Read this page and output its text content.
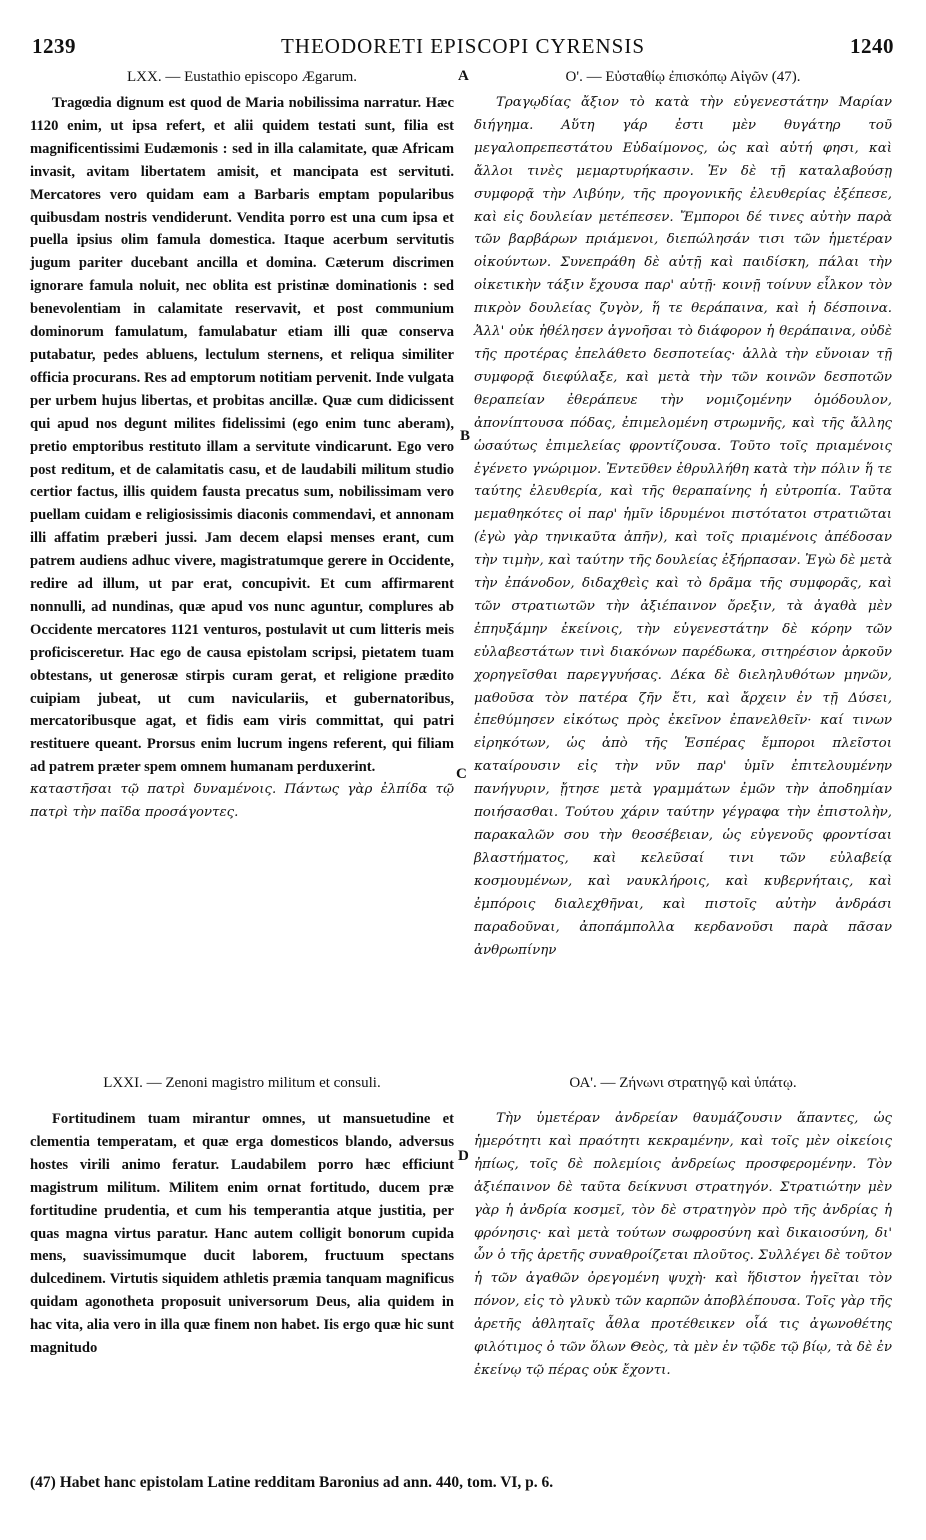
1239	THEODORETI EPISCOPI CYRENSIS	1240

LXX. — Eustathio episcopo Ægarum.

Tragœdia dignum est quod de Maria nobilissima narratur. Hæc 1120 enim, ut ipsa refert, et alii quidem testati sunt, filia est magnificentissimi Eudæmonis : sed in illa calamitate, quæ Africam invasit, avitam libertatem amisit, et mancipata est servituti. Mercatores vero quidam eam a Barbaris emptam popularibus quibusdam nostris vendiderunt. Vendita porro est una cum ipsa et puella ipsius olim famula domestica. Itaque acerbum servitutis jugum pariter ducebant ancilla et domina. Cæterum discrimen ignorare famula noluit, nec oblita est pristinæ dominationis : sed benevolentiam in calamitate reservavit, et post communium dominorum famulatum, famulabatur etiam illi quæ conserva putabatur, pedes abluens, lectulum sternens, et reliqua similiter officia procurans. Res ad emptorum notitiam pervenit. Inde vulgata per urbem hujus libertas, et probitas ancillæ. Quæ cum didicissent qui apud nos degunt milites fidelissimi (ego enim tunc aberam), pretio emptoribus restituto illam a servitute vindicarunt. Ego vero post reditum, et de calamitatis casu, et de laudabili militum studio certior factus, illis quidem fausta precatus sum, nobilissimam vero puellam cuidam e religiosissimis diaconis commendavi, et annonam illi affatim præberi jussi. Jam decem elapsi menses erant, cum patrem audiens adhuc vivere, magistratumque gerere in Occidente, redire ad illum, ut par erat, concupivit. Et cum affirmarent nonnulli, ad nundinas, quæ apud vos nunc aguntur, complures ab Occidente mercatores 1121 venturos, postulavit ut cum litteris meis proficisceretur. Hac ego de causa epistolam scripsi, pietatem tuam obtestans, ut generosæ stirpis curam gerat, et religione prædito cuipiam jubeat, ut cum naviculariis, et gubernatoribus, mercatoribusque agat, et fidis eam viris committat, qui patri restituere queant. Prorsus enim lucrum ingens referent, qui filiam ad patrem præter spem omnem humanam perduxerint.

καταστῆσαι τῷ πατρὶ δυναμένοις. Πάντως γὰρ ἐλπίδα τῷ πατρὶ τὴν παῖδα προσάγοντες.

O'. — Εὐσταθίῳ ἐπισκόπῳ Αἰγῶν (47).

Τραγῳδίας ἄξιον τὸ κατὰ τὴν εὐγενεστάτην Μαρίαν διήγημα. Αὕτη γάρ ἐστι μὲν θυγάτηρ τοῦ μεγαλοπρεπεστάτου Εὐδαίμονος, ὡς καὶ αὐτή φησι, καὶ ἄλλοι τινὲς μεμαρτυρήκασιν. Ἐν δὲ τῇ καταλαβούσῃ συμφορᾷ τὴν Λιβύην, τῆς προγονικῆς ἐλευθερίας ἐξέπεσε, καὶ εἰς δουλείαν μετέπεσεν. Ἔμποροι δέ τινες αὐτὴν παρὰ τῶν βαρβάρων πριάμενοι, διεπώλησάν τισι τῶν ἡμετέραν οἰκούντων. Συνεπράθη δὲ αὐτῇ καὶ παιδίσκη, πάλαι τὴν οἰκετικὴν τάξιν ἔχουσα παρ' αὐτῇ· κοινῇ τοίνυν εἷλκον τὸν πικρὸν δουλείας ζυγὸν, ἥ τε θεράπαινα, καὶ ἡ δέσποινα. Ἀλλ' οὐκ ἠθέλησεν ἀγνοῆσαι τὸ διάφορον ἡ θεράπαινα, οὐδὲ τῆς προτέρας ἐπελάθετο δεσποτείας· ἀλλὰ τὴν εὔνοιαν τῇ συμφορᾷ διεφύλαξε, καὶ μετὰ τὴν τῶν κοινῶν δεσποτῶν θεραπείαν ἐθεράπευε τὴν νομιζομένην ὁμόδουλον, ἀπονίπτουσα πόδας, ἐπιμελομένη στρωμνῆς, καὶ τῆς ἄλλης ὡσαύτως ἐπιμελείας φροντίζουσα. Τοῦτο τοῖς πριαμένοις ἐγένετο γνώριμον. Ἐντεῦθεν ἐθρυλλήθη κατὰ τὴν πόλιν ἥ τε ταύτης ἐλευθερία, καὶ τῆς θεραπαίνης ἡ εὐτροπία. Ταῦτα μεμαθηκότες οἱ παρ' ἡμῖν ἱδρυμένοι πιστότατοι στρατιῶται (ἐγὼ γὰρ τηνικαῦτα ἀπῆν), καὶ τοῖς πριαμένοις ἀπέδοσαν τὴν τιμὴν, καὶ ταύτην τῆς δουλείας ἐξήρπασαν. Ἐγὼ δὲ μετὰ τὴν ἐπάνοδον, διδαχθεὶς καὶ τὸ δρᾶμα τῆς συμφορᾶς, καὶ τῶν στρατιωτῶν τὴν ἀξιέπαινον ὄρεξιν, τὰ ἀγαθὰ μὲν ἐπηυξάμην ἐκείνοις, τὴν εὐγενεστάτην δὲ κόρην τῶν εὐλαβεστάτων τινὶ διακόνων παρέδωκα, σιτηρέσιον ἀρκοῦν χορηγεῖσθαι παρεγγυήσας. Δέκα δὲ διεληλυθότων μηνῶν, μαθοῦσα τὸν πατέρα ζῆν ἔτι, καὶ ἄρχειν ἐν τῇ Δύσει, ἐπεθύμησεν εἰκότως πρὸς ἐκεῖνον ἐπανελθεῖν· καί τινων εἰρηκότων, ὡς ἀπὸ τῆς Ἑσπέρας ἔμποροι πλεῖστοι καταίρουσιν εἰς τὴν νῦν παρ' ὑμῖν ἐπιτελουμένην πανήγυριν, ᾔτησε μετὰ γραμμάτων ἐμῶν τὴν ἀποδημίαν ποιήσασθαι. Τούτου χάριν ταύτην γέγραφα τὴν ἐπιστολὴν, παρακαλῶν σου τὴν θεοσέβειαν, ὡς εὐγενοῦς φροντίσαι βλαστήματος, καὶ κελεῦσαί τινι τῶν εὐλαβείᾳ κοσμουμένων, καὶ ναυκλήροις, καὶ κυβερνήταις, καὶ ἐμπόροις διαλεχθῆναι, καὶ πιστοῖς αὐτὴν ἀνδράσι παραδοῦναι, ἀποπάμπολλα κερδανοῦσι παρὰ πᾶσαν ἀνθρωπίνην

LXXI. — Zenoni magistro militum et consuli.

Fortitudinem tuam mirantur omnes, ut mansuetudine et clementia temperatam, et quæ erga domesticos blando, adversus hostes virili animo feratur. Laudabilem porro hæc efficiunt magistrum militum. Militem enim ornat fortitudo, ducem præ fortitudine prudentia, et cum his temperantia atque justitia, per quas magna virtus paratur. Hanc autem colligit bonorum cupida mens, suavissimumque ducit laborem, fructuum spectans dulcedinem. Virtutis siquidem athletis præmia tanquam magnificus quidam agonotheta proposuit universorum Deus, alia quidem in hac vita, alia vero in illa quæ finem non habet. Iis ergo quæ hic sunt magnitudo

ΟΑ'. — Ζήνωνι στρατηγῷ καὶ ὑπάτῳ.

Τὴν ὑμετέραν ἀνδρείαν θαυμάζουσιν ἅπαντες, ὡς ἡμερότητι καὶ πραότητι κεκραμένην, καὶ τοῖς μὲν οἰκείοις ἠπίως, τοῖς δὲ πολεμίοις ἀνδρείως προσφερομένην. Τὸν ἀξιέπαινον δὲ ταῦτα δείκνυσι στρατηγόν. Στρατιώτην μὲν γὰρ ἡ ἀνδρία κοσμεῖ, τὸν δὲ στρατηγὸν πρὸ τῆς ἀνδρίας ἡ φρόνησις· καὶ μετὰ τούτων σωφροσύνη καὶ δικαιοσύνη, δι' ὧν ὁ τῆς ἀρετῆς συναθροίζεται πλοῦτος. Συλλέγει δὲ τοῦτον ἡ τῶν ἀγαθῶν ὀρεγομένη ψυχὴ· καὶ ἥδιστον ἡγεῖται τὸν πόνον, εἰς τὸ γλυκὺ τῶν καρπῶν ἀποβλέπουσα. Τοῖς γὰρ τῆς ἀρετῆς ἀθληταῖς ἆθλα προτέθεικεν οἷά τις ἀγωνοθέτης φιλότιμος ὁ τῶν ὅλων Θεὸς, τὰ μὲν ἐν τῷδε τῷ βίῳ, τὰ δὲ ἐν ἐκείνῳ τῷ πέρας οὐκ ἔχοντι.

A
B
C
D
(47) Habet hanc epistolam Latine redditam Baronius ad ann. 440, tom. VI, p. 6.
